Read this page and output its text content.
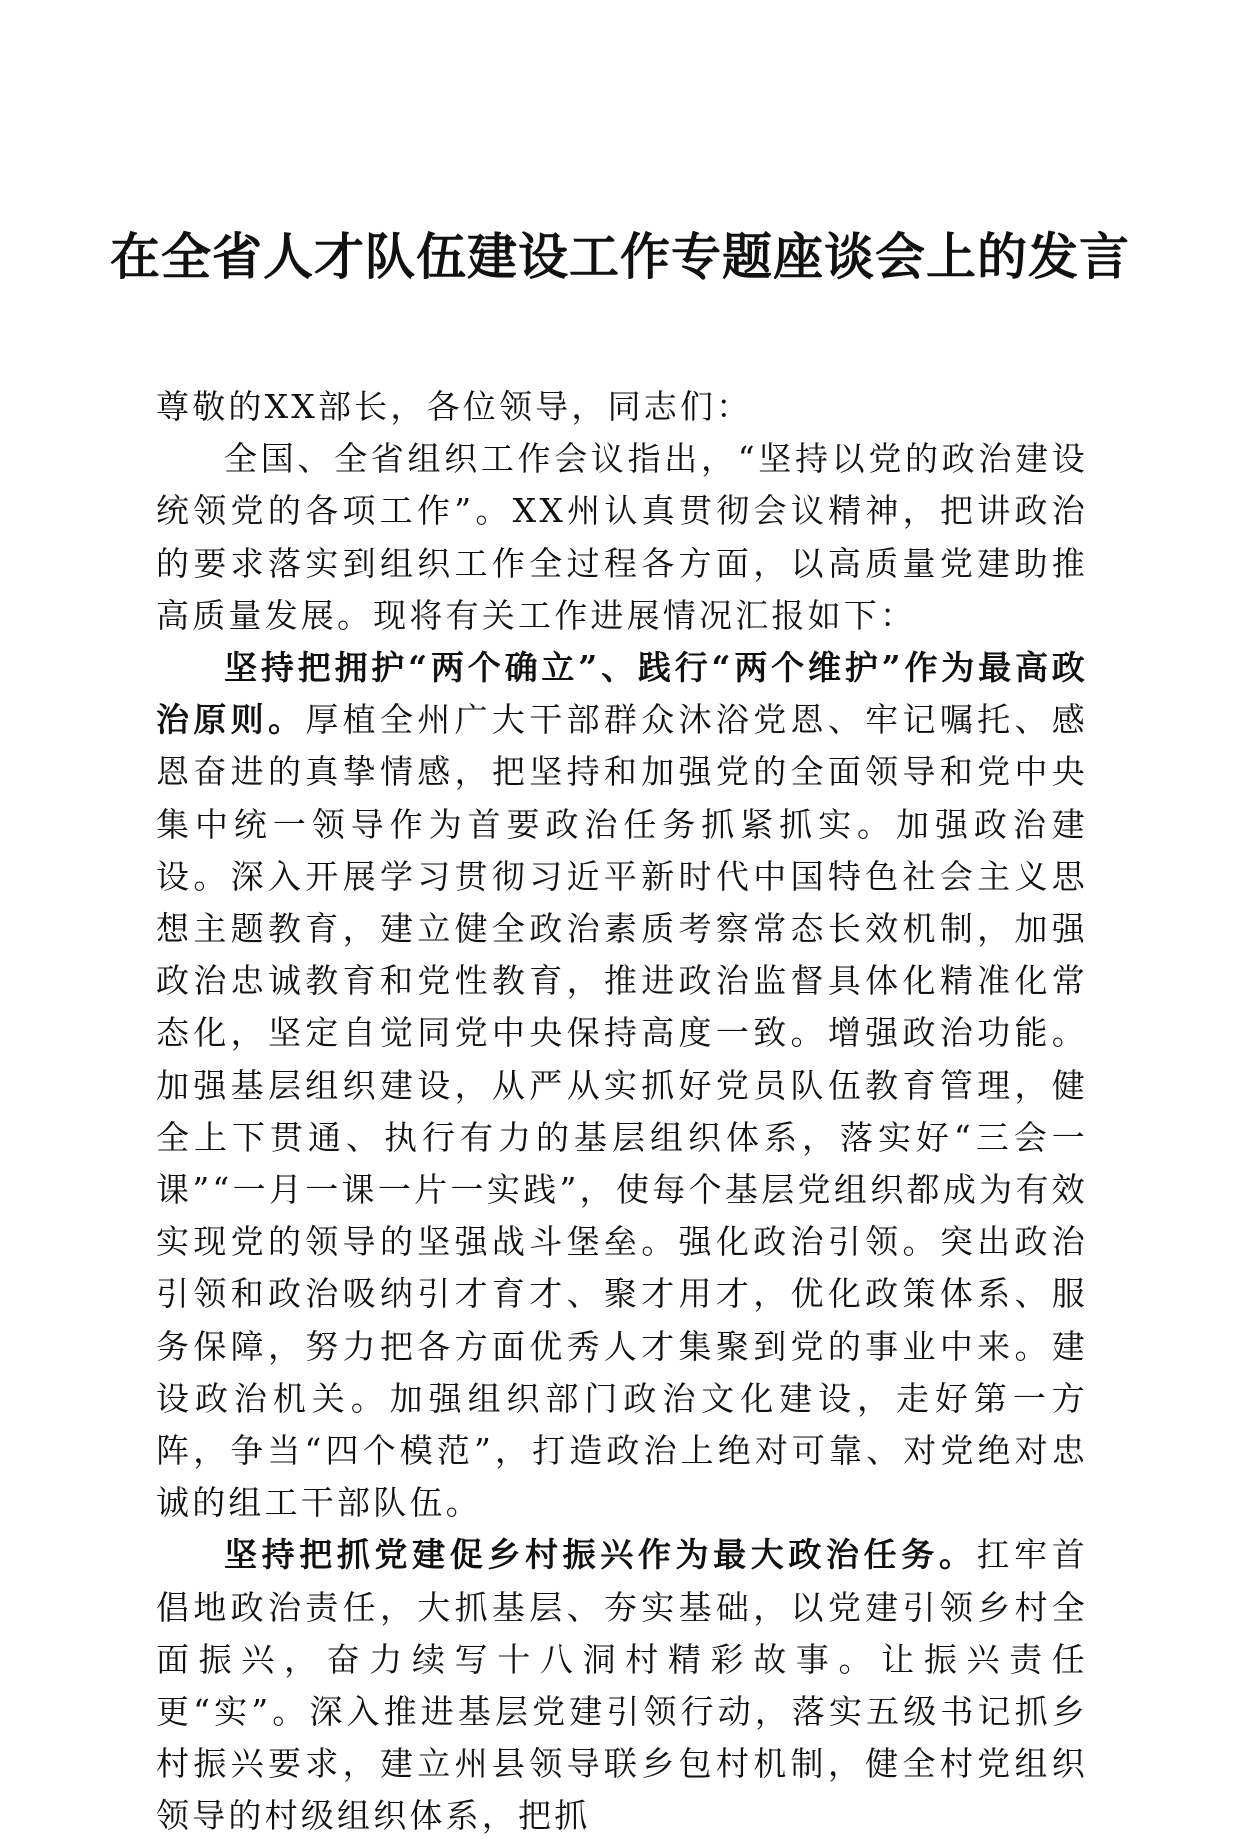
在全省人才队伍建设工作专题座谈会上的发言

尊敬的XX部长，各位领导，同志们：

全国、全省组织工作会议指出，“坚持以党的政治建设统领党的各项工作”。XX州认真贯彻会议精神，把讲政治的要求落实到组织工作全过程各方面，以高质量党建助推高质量发展。现将有关工作进展情况汇报如下：

坚持把拥护“两个确立”、践行“两个维护”作为最高政治原则。厚植全州广大干部群众沐浴党恩、牢记嘱托、感恩奋进的真挚情感，把坚持和加强党的全面领导和党中央集中统一领导作为首要政治任务抓紧抓实。加强政治建设。深入开展学习贯彻习近平新时代中国特色社会主义思想主题教育，建立健全政治素质考察常态长效机制，加强政治忠诚教育和党性教育，推进政治监督具体化精准化常态化，坚定自觉同党中央保持高度一致。增强政治功能。加强基层组织建设，从严从实抓好党员队伍教育管理，健全上下贯通、执行有力的基层组织体系，落实好“三会一课”“一月一课一片一实践”，使每个基层党组织都成为有效实现党的领导的坚强战斗堡垒。强化政治引领。突出政治引领和政治吸纳引才育才、聚才用才，优化政策体系、服务保障，努力把各方面优秀人才集聚到党的事业中来。建设政治机关。加强组织部门政治文化建设，走好第一方阵，争当“四个模范”，打造政治上绝对可靠、对党绝对忠诚的组工干部队伍。

坚持把抓党建促乡村振兴作为最大政治任务。扛牢首倡地政治责任，大抓基层、夯实基础，以党建引领乡村全面振兴，奋力续写十八洞村精彩故事。让振兴责任更“实”。深入推进基层党建引领行动，落实五级书记抓乡村振兴要求，建立州县领导联乡包村机制，健全村党组织领导的村级组织体系，把抓
